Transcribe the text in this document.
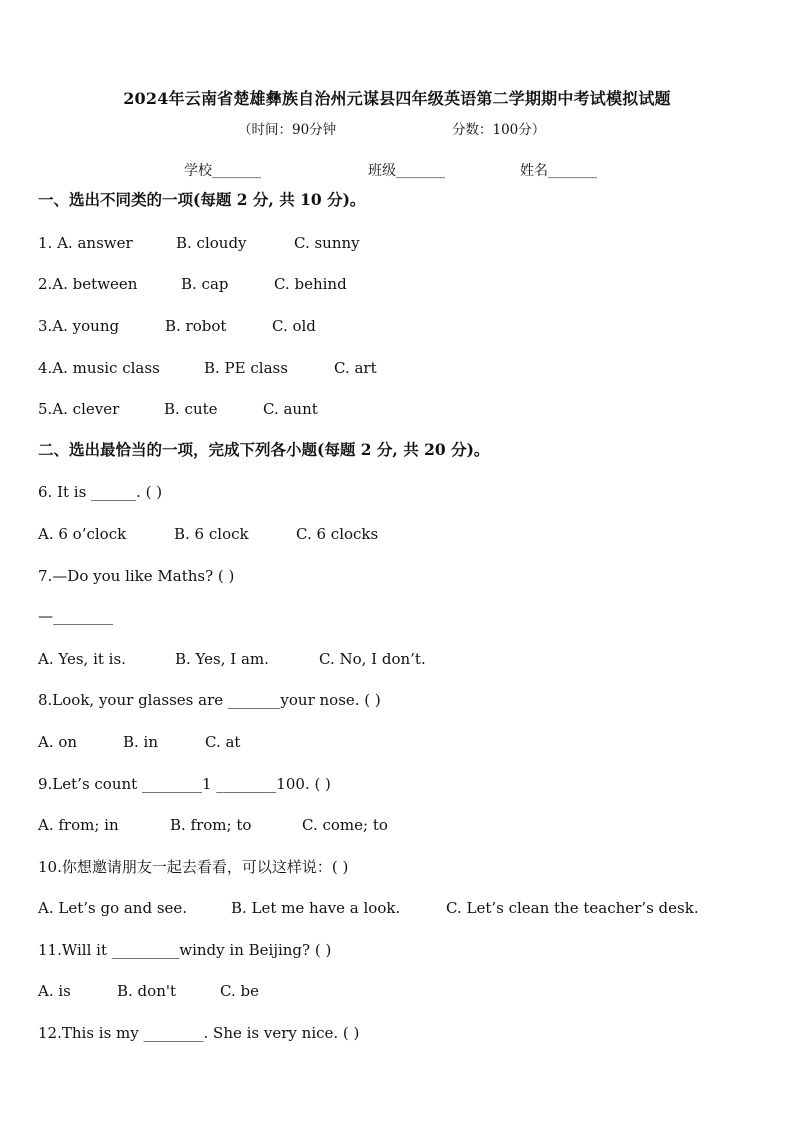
2024年云南省楚雄彝族自治州元谋县四年级英语第二学期期中考试模拟试题
（时间：90分钟	分数：100分）
学校_______	班级_______	姓名_______
一、选出不同类的一项(每题 2 分, 共 10 分)。
1. A. answer	B. cloudy	C. sunny
2.A. between	B. cap	C. behind
3.A. young	B. robot	C. old
4.A. music class	B. PE class	C. art
5.A. clever	B. cute	C. aunt
二、选出最恰当的一项，完成下列各小题(每题 2 分, 共 20 分)。
6. It is ______. ( )
A. 6 o’clock	B. 6 clock	C. 6 clocks
7.—Do you like Maths? ( )
—________
A. Yes, it is.	B. Yes, I am.	C. No, I don’t.
8.Look, your glasses are _______your nose. ( )
A. on	B. in	C. at
9.Let’s count ________1 ________100. ( )
A. from; in	B. from; to	C. come; to
10.你想邀请朋友一起去看看，可以这样说：( )
A. Let’s go and see.	B. Let me have a look.	C. Let’s clean the teacher’s desk.
11.Will it _________windy in Beijing? ( )
A. is	B. don't	C. be
12.This is my ________. She is very nice. ( )
